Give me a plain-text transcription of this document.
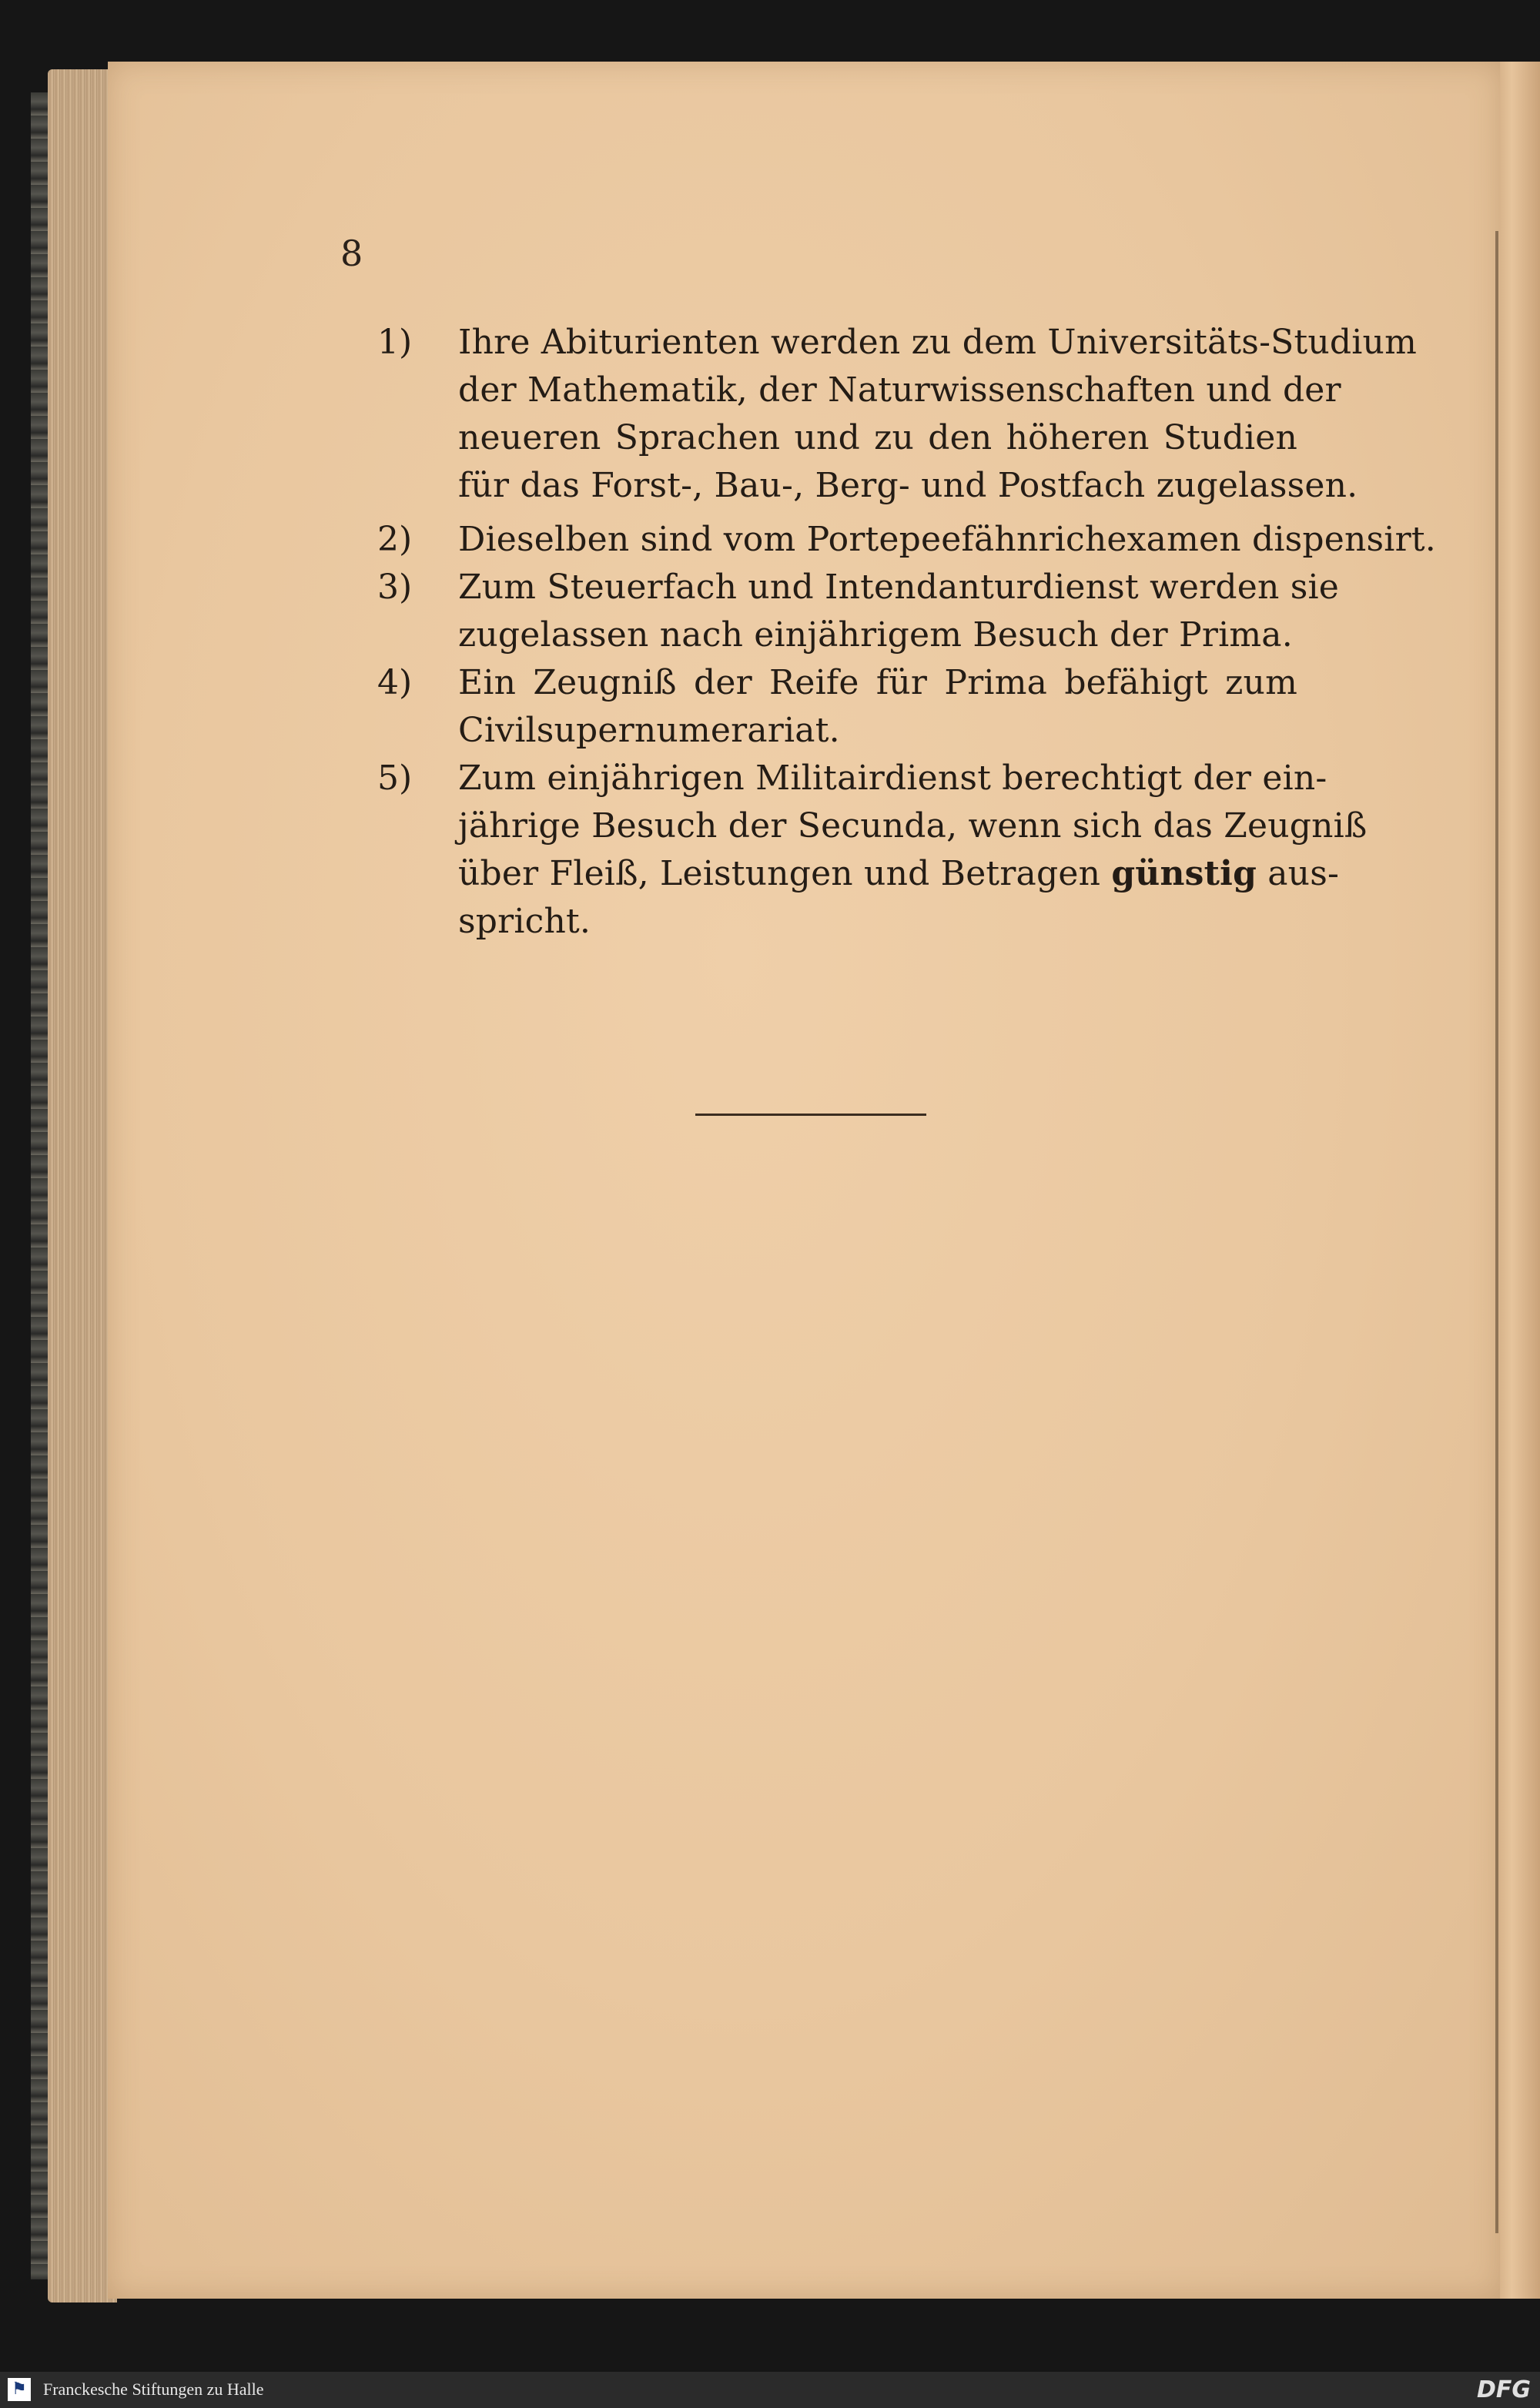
8
1)	Ihre Abiturienten werden zu dem Universitäts-Studium
der Mathematik, der Naturwissenschaften und der
neueren Sprachen und zu den höheren Studien
für das Forst-, Bau-, Berg- und Postfach zugelassen.
2)	Dieselben sind vom Portepeefähnrichexamen dispensirt.
3)	Zum Steuerfach und Intendanturdienst werden sie
zugelassen nach einjährigem Besuch der Prima.
4)	Ein Zeugniß der Reife für Prima befähigt zum
Civilsupernumerariat.
5)	Zum einjährigen Militairdienst berechtigt der ein-
jährige Besuch der Secunda, wenn sich das Zeugniß
über Fleiß, Leistungen und Betragen günstig aus-
spricht.
⚑ Franckesche Stiftungen zu Halle	DFG
